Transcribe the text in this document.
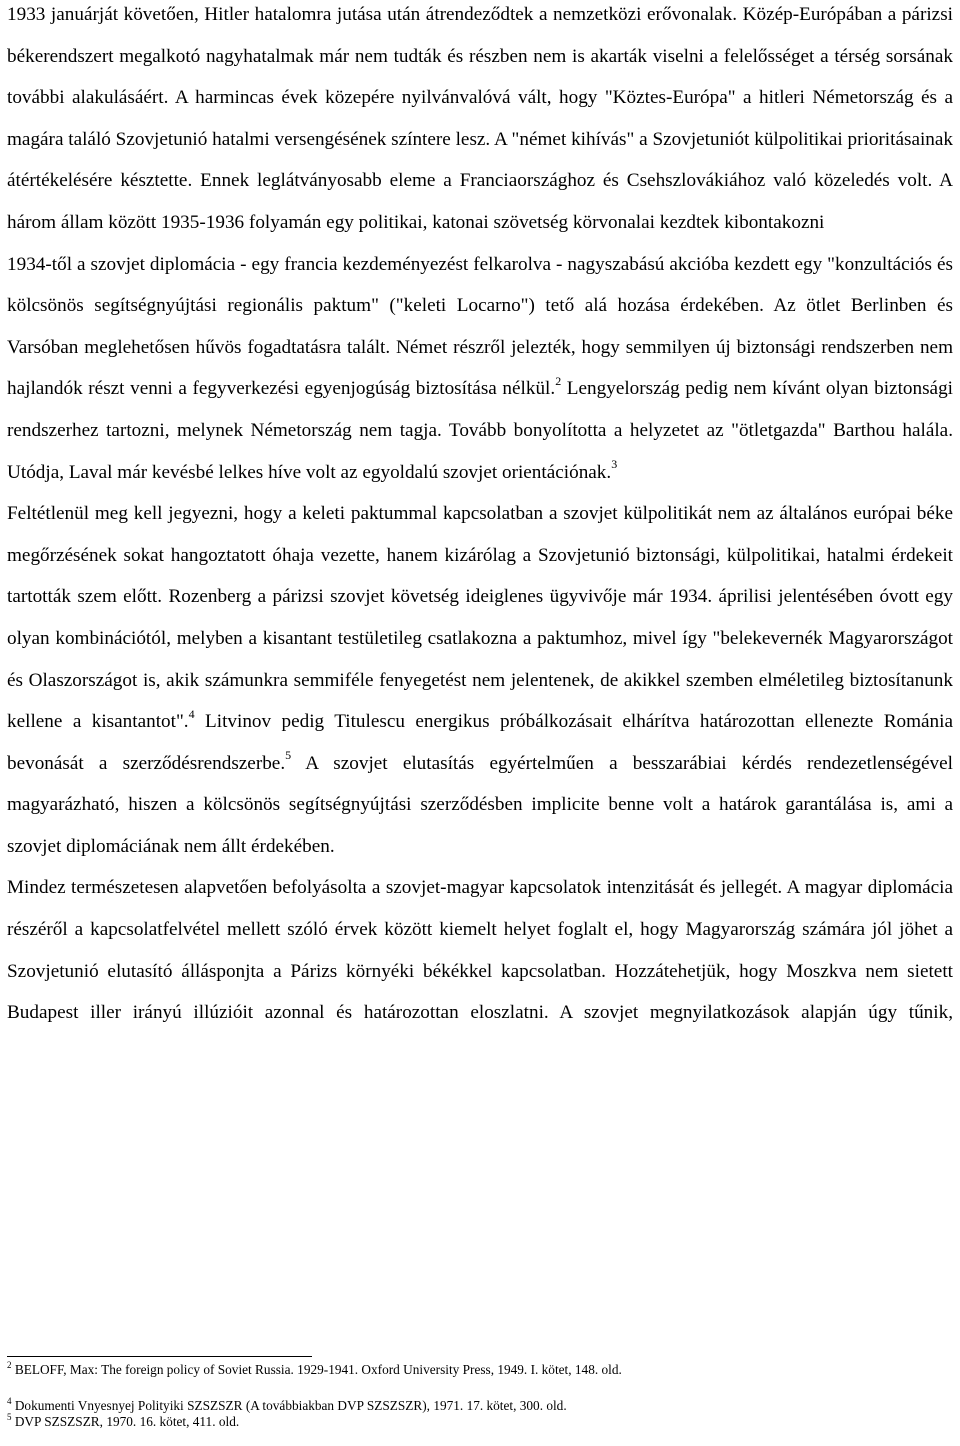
1933 januárját követően, Hitler hatalomra jutása után átrendeződtek a nemzetközi erővonalak. Közép-Európában a párizsi békerendszert megalkotó nagyhatalmak már nem tudták és részben nem is akarták viselni a felelősséget a térség sorsának további alakulásáért. A harmincas évek közepére nyilvánvalóvá vált, hogy "Köztes-Európa" a hitleri Németország és a magára találó Szovjetunió hatalmi versengésének színtere lesz. A "német kihívás" a Szovjetuniót külpolitikai prioritásainak átértékelésére késztette. Ennek leglátványosabb eleme a Franciaországhoz és Csehszlovákiához való közeledés volt. A három állam között 1935-1936 folyamán egy politikai, katonai szövetség körvonalai kezdtek kibontakozni

1934-től a szovjet diplomácia - egy francia kezdeményezést felkarolva - nagyszabású akcióba kezdett egy "konzultációs és kölcsönös segítségnyújtási regionális paktum" ("keleti Locarno") tető alá hozása érdekében. Az ötlet Berlinben és Varsóban meglehetősen hűvös fogadtatásra talált. Német részről jelezték, hogy semmilyen új biztonsági rendszerben nem hajlandók részt venni a fegyverkezési egyenjogúság biztosítása nélkül.$^2$ Lengyelország pedig nem kívánt olyan biztonsági rendszerhez tartozni, melynek Németország nem tagja. Tovább bonyolította a helyzetet az "ötletgazda" Barthou halála. Utódja, Laval már kevésbé lelkes híve volt az egyoldalú szovjet orientációnak.$^3$

Feltétlenül meg kell jegyezni, hogy a keleti paktummal kapcsolatban a szovjet külpolitikát nem az általános európai béke megőrzésének sokat hangoztatott óhaja vezette, hanem kizárólag a Szovjetunió biztonsági, külpolitikai, hatalmi érdekeit tartották szem előtt. Rozenberg a párizsi szovjet követség ideiglenes ügyvivője már 1934. áprilisi jelentésében óvott egy olyan kombinációtól, melyben a kisantant testületileg csatlakozna a paktumhoz, mivel így "belekevernék Magyarországot és Olaszországot is, akik számunkra semmiféle fenyegetést nem jelentenek, de akikkel szemben elméletileg biztosítanunk kellene a kisantantot".$^4$ Litvinov pedig Titulescu energikus próbálkozásait elhárítva határozottan ellenezte Románia bevonását a szerződésrendszerbe.$^5$ A szovjet elutasítás egyértelműen a besszarábiai kérdés rendezetlenségével magyarázható, hiszen a kölcsönös segítségnyújtási szerződésben implicite benne volt a határok garantálása is, ami a szovjet diplomáciának nem állt érdekében.

Mindez természetesen alapvetően befolyásolta a szovjet-magyar kapcsolatok intenzitását és jellegét. A magyar diplomácia részéről a kapcsolatfelvétel mellett szóló érvek között kiemelt helyet foglalt el, hogy Magyarország számára jól jöhet a Szovjetunió elutasító állásponjta a Párizs környéki békékkel kapcsolatban. Hozzátehetjük, hogy Moszkva nem sietett Budapest iller irányú illúzióit azonnal és határozottan eloszlatni. A szovjet megnyilatkozások alapján úgy tűnik,

$^2$ BELOFF, Max: The foreign policy of Soviet Russia. 1929-1941. Oxford University Press, 1949. I. kötet, 148. old.

$^4$ Dokumenti Vnyesnyej Polityiki SZSZSZR (A továbbiakban DVP SZSZSZR), 1971. 17. kötet, 300. old.

$^5$ DVP SZSZSZR, 1970. 16. kötet, 411. old.
